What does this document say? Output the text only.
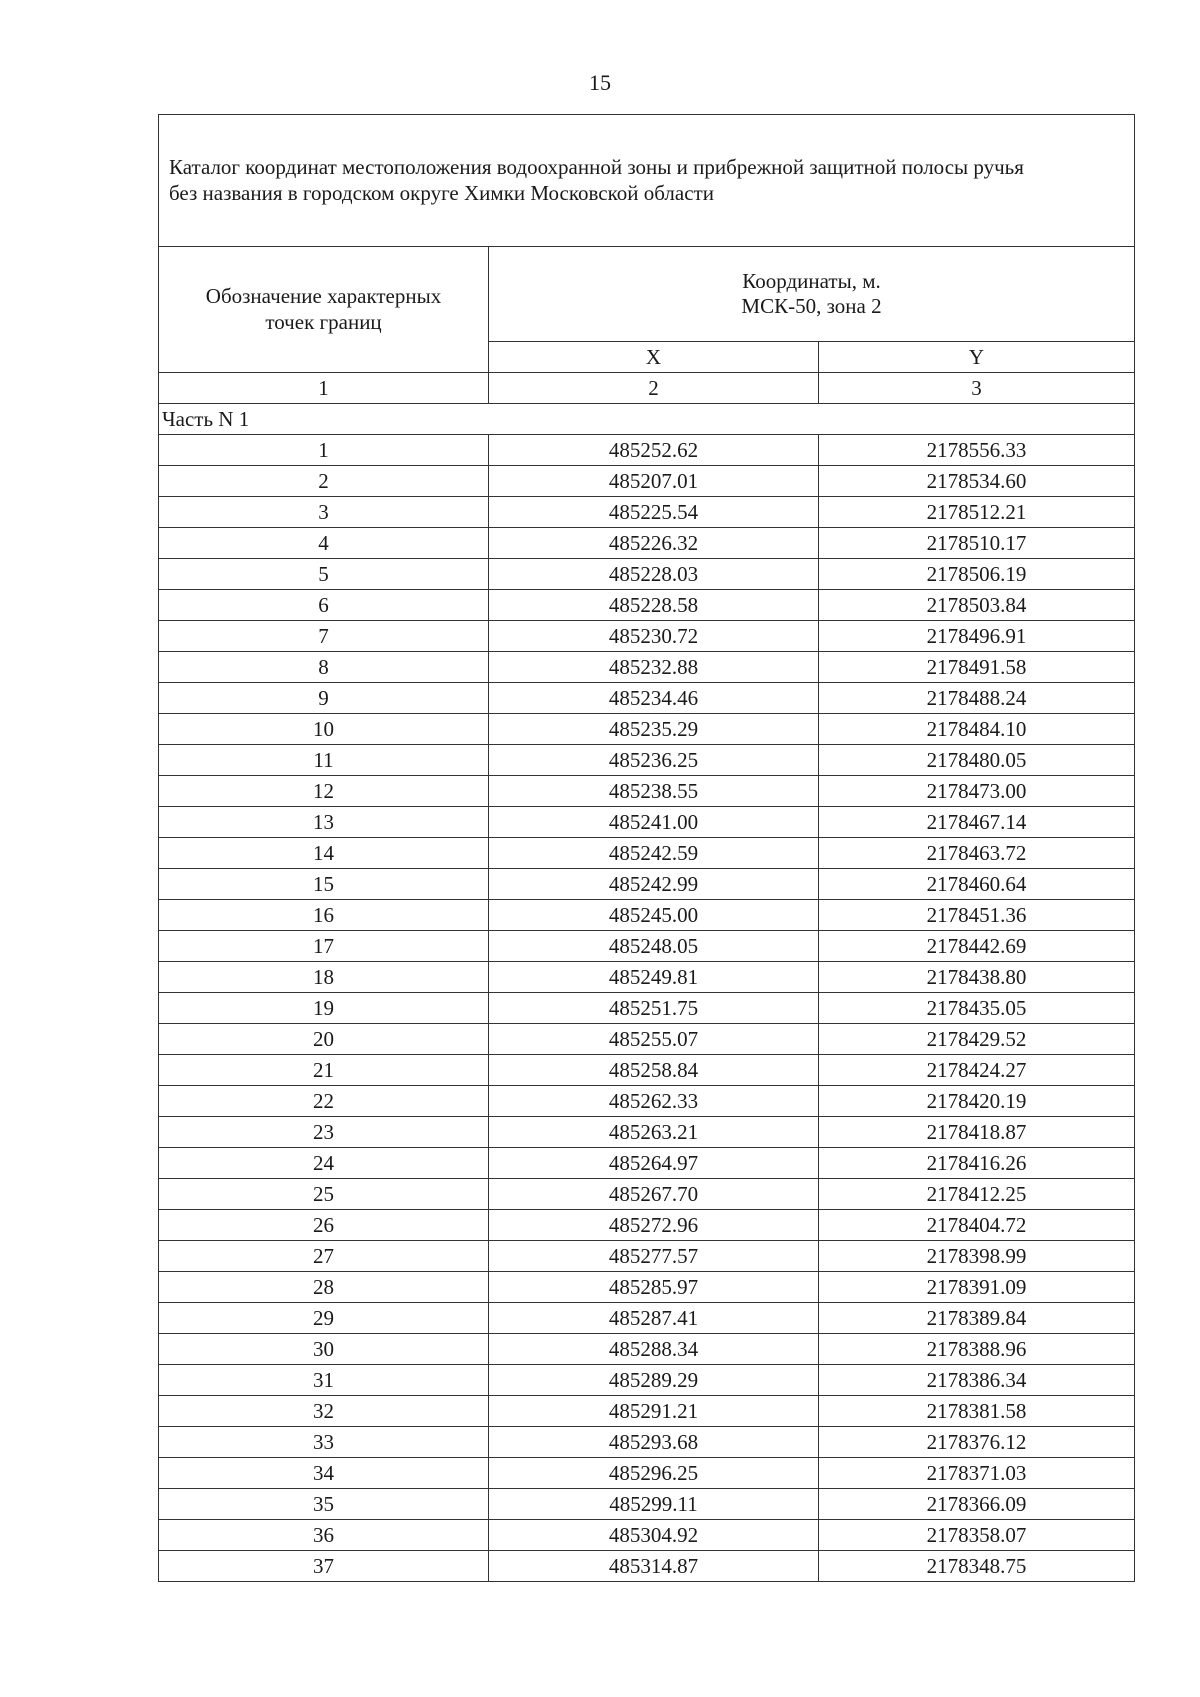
15
Каталог координат местоположения водоохранной зоны и прибрежной защитной полосы ручья
без названия в городском округе Химки Московской области		

Обозначение характерных
точек границ	Координаты, м.
МСК-50, зона 2	

	X	Y
1	2	3
Часть N 1		
1	485252.62	2178556.33
2	485207.01	2178534.60
3	485225.54	2178512.21
4	485226.32	2178510.17
5	485228.03	2178506.19
6	485228.58	2178503.84
7	485230.72	2178496.91
8	485232.88	2178491.58
9	485234.46	2178488.24
10	485235.29	2178484.10
11	485236.25	2178480.05
12	485238.55	2178473.00
13	485241.00	2178467.14
14	485242.59	2178463.72
15	485242.99	2178460.64
16	485245.00	2178451.36
17	485248.05	2178442.69
18	485249.81	2178438.80
19	485251.75	2178435.05
20	485255.07	2178429.52
21	485258.84	2178424.27
22	485262.33	2178420.19
23	485263.21	2178418.87
24	485264.97	2178416.26
25	485267.70	2178412.25
26	485272.96	2178404.72
27	485277.57	2178398.99
28	485285.97	2178391.09
29	485287.41	2178389.84
30	485288.34	2178388.96
31	485289.29	2178386.34
32	485291.21	2178381.58
33	485293.68	2178376.12
34	485296.25	2178371.03
35	485299.11	2178366.09
36	485304.92	2178358.07
37	485314.87	2178348.75
